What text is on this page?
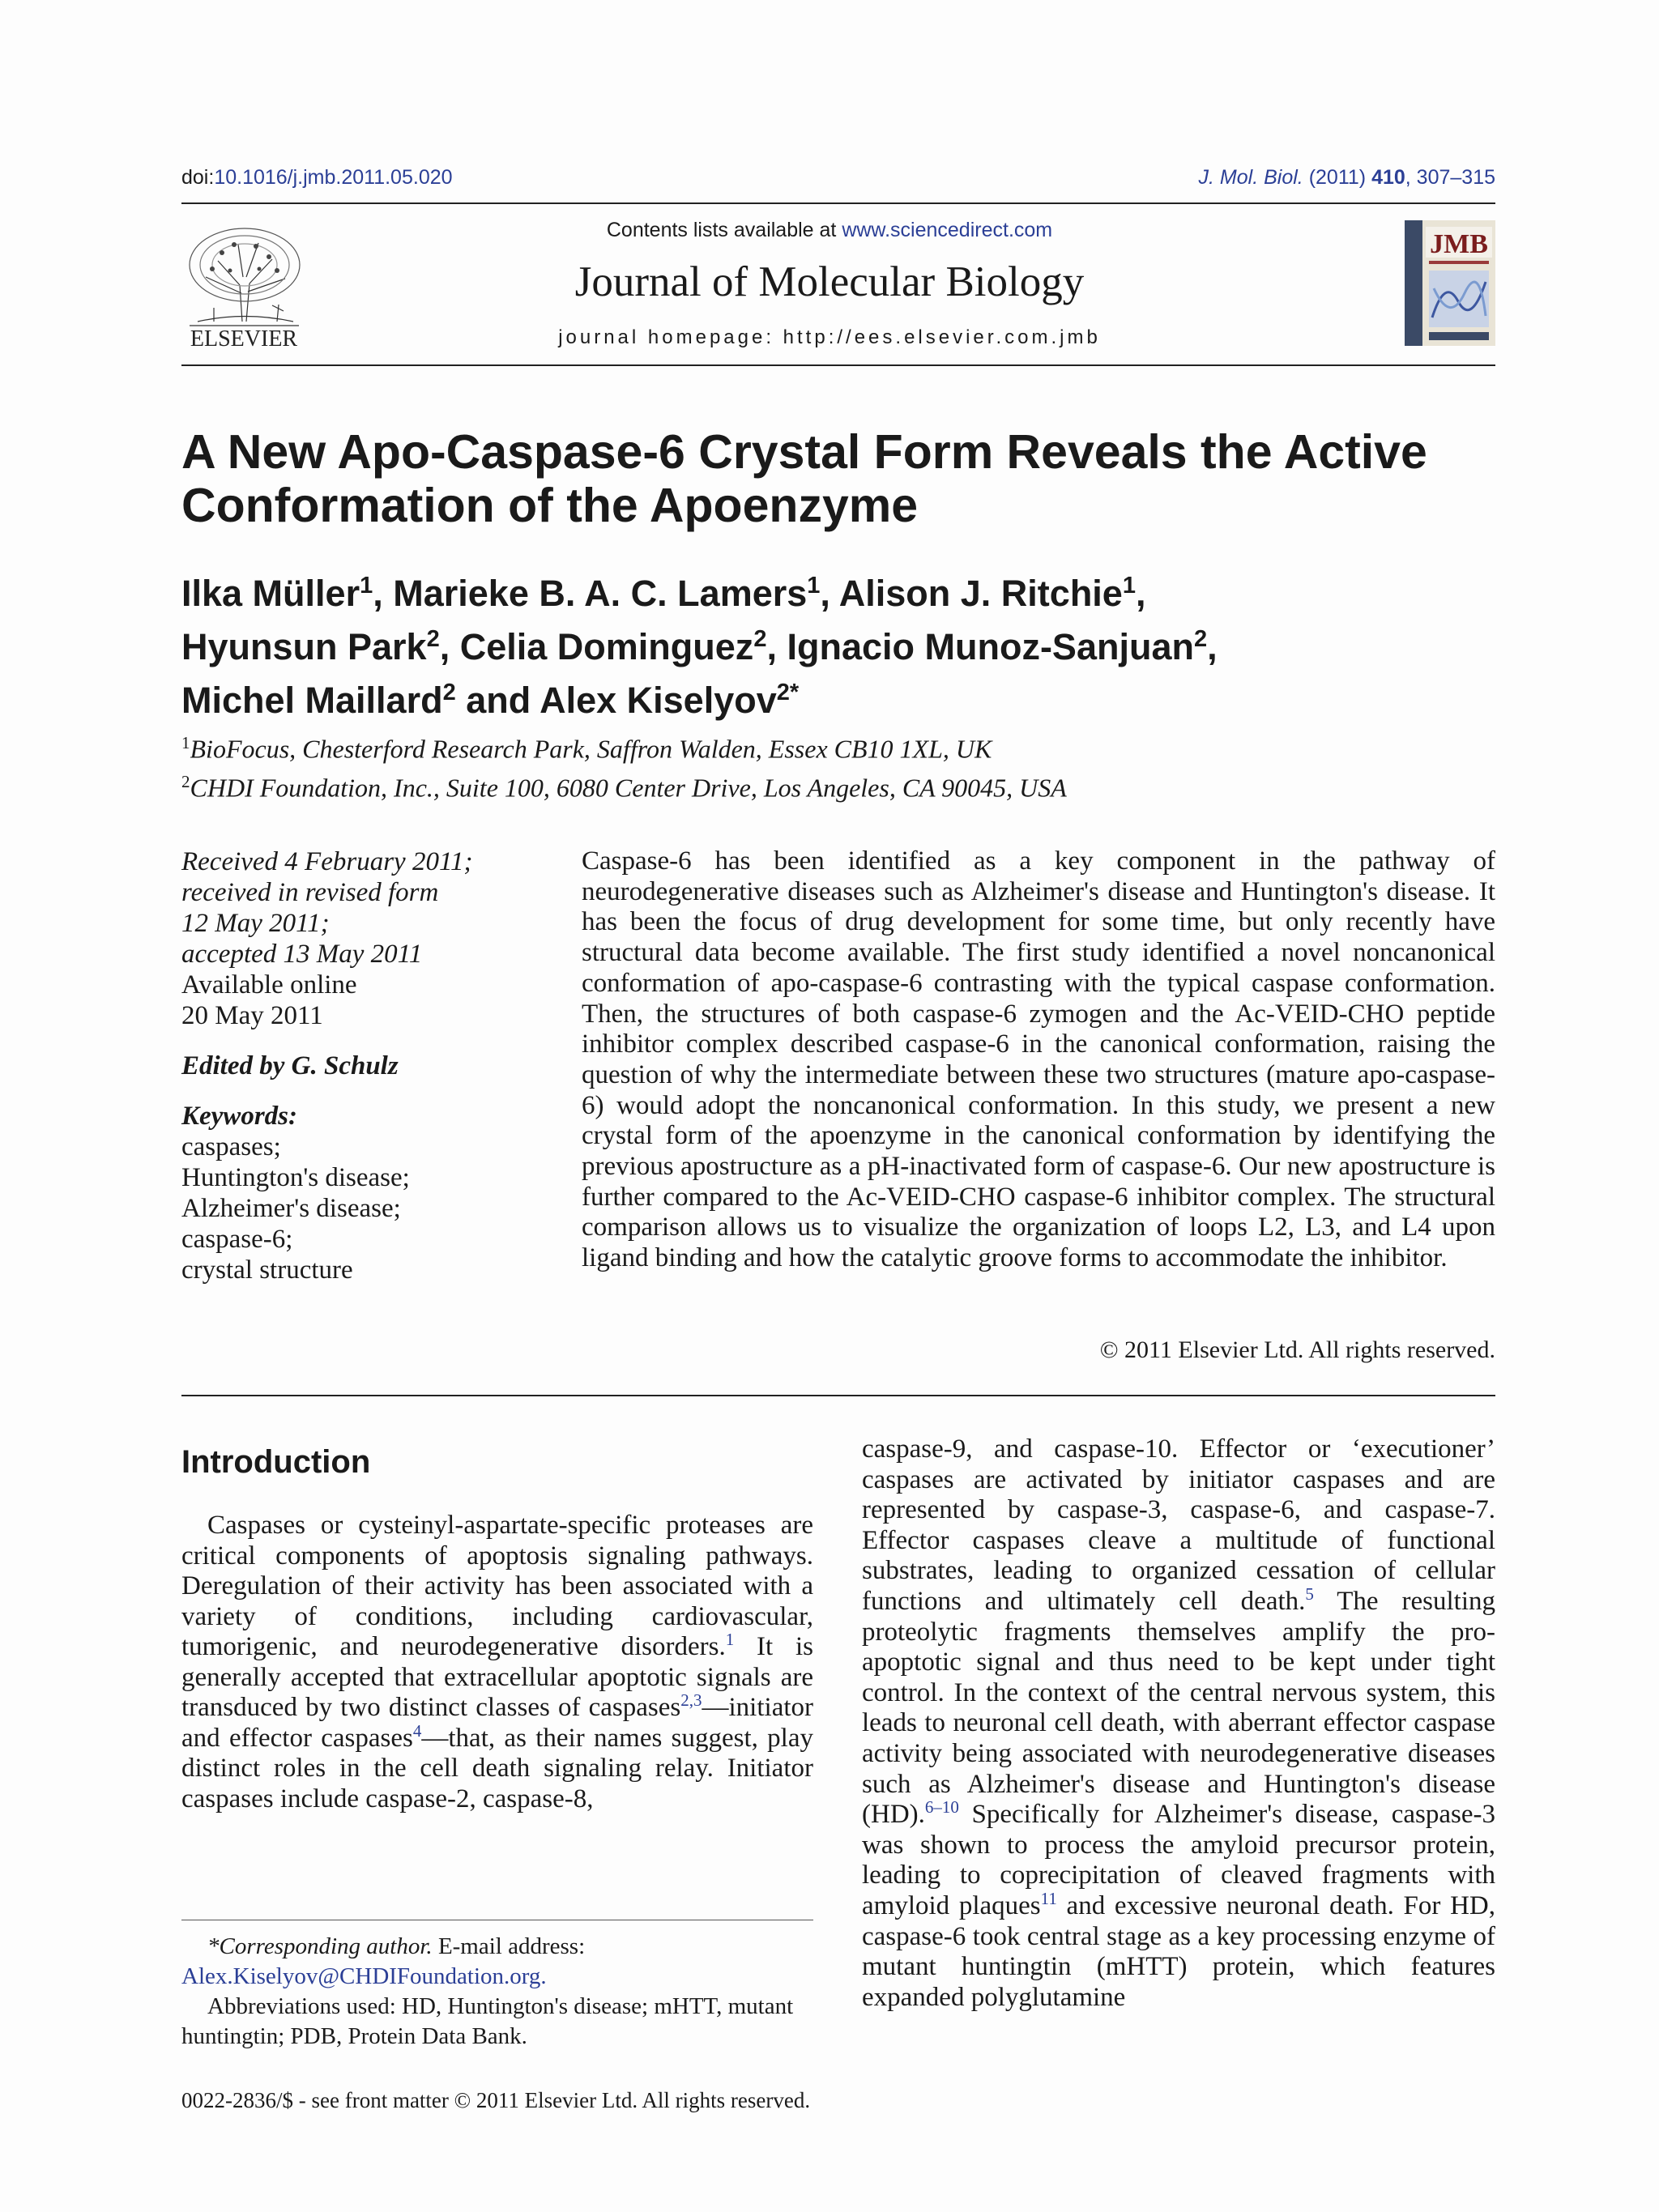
doi:10.1016/j.jmb.2011.05.020	J. Mol. Biol. (2011) 410, 307–315
ELSEVIER
Contents lists available at www.sciencedirect.com
Journal of Molecular Biology
journal homepage: http://ees.elsevier.com.jmb
JMB
A New Apo-Caspase-6 Crystal Form Reveals the Active
Conformation of the Apoenzyme
Ilka Müller$^1$, Marieke B. A. C. Lamers$^1$, Alison J. Ritchie$^1$,
Hyunsun Park$^2$, Celia Dominguez$^2$, Ignacio Munoz-Sanjuan$^2$,
Michel Maillard$^2$ and Alex Kiselyov$^{2*}$
$^1$BioFocus, Chesterford Research Park, Saffron Walden, Essex CB10 1XL, UK
$^2$CHDI Foundation, Inc., Suite 100, 6080 Center Drive, Los Angeles, CA 90045, USA
Received 4 February 2011;
received in revised form
12 May 2011;
accepted 13 May 2011
Available online
20 May 2011
Edited by G. Schulz
Keywords:
caspases;
Huntington's disease;
Alzheimer's disease;
caspase-6;
crystal structure
Caspase-6 has been identified as a key component in the pathway of neurodegenerative diseases such as Alzheimer's disease and Huntington's disease. It has been the focus of drug development for some time, but only recently have structural data become available. The first study identified a novel noncanonical conformation of apo-caspase-6 contrasting with the typical caspase conformation. Then, the structures of both caspase-6 zymogen and the Ac-VEID-CHO peptide inhibitor complex described caspase-6 in the canonical conformation, raising the question of why the intermediate between these two structures (mature apo-caspase-6) would adopt the noncanonical conformation. In this study, we present a new crystal form of the apoenzyme in the canonical conformation by identifying the previous apostructure as a pH-inactivated form of caspase-6. Our new apostructure is further compared to the Ac-VEID-CHO caspase-6 inhibitor complex. The structural comparison allows us to visualize the organization of loops L2, L3, and L4 upon ligand binding and how the catalytic groove forms to accommodate the inhibitor.
© 2011 Elsevier Ltd. All rights reserved.
Introduction
Caspases or cysteinyl-aspartate-specific proteases are critical components of apoptosis signaling pathways. Deregulation of their activity has been associated with a variety of conditions, including cardiovascular, tumorigenic, and neurodegenerative disorders.$^1$ It is generally accepted that extracellular apoptotic signals are transduced by two distinct classes of caspases$^{2,3}$—initiator and effector caspases$^4$—that, as their names suggest, play distinct roles in the cell death signaling relay. Initiator caspases include caspase-2, caspase-8,
caspase-9, and caspase-10. Effector or ‘executioner’ caspases are activated by initiator caspases and are represented by caspase-3, caspase-6, and caspase-7. Effector caspases cleave a multitude of functional substrates, leading to organized cessation of cellular functions and ultimately cell death.$^5$ The resulting proteolytic fragments themselves amplify the pro-apoptotic signal and thus need to be kept under tight control. In the context of the central nervous system, this leads to neuronal cell death, with aberrant effector caspase activity being associated with neurodegenerative diseases such as Alzheimer's disease and Huntington's disease (HD).$^{6-10}$ Specifically for Alzheimer's disease, caspase-3 was shown to process the amyloid precursor protein, leading to coprecipitation of cleaved fragments with amyloid plaques$^{11}$ and excessive neuronal death. For HD, caspase-6 took central stage as a key processing enzyme of mutant huntingtin (mHTT) protein, which features expanded polyglutamine
*Corresponding author. E-mail address:
Alex.Kiselyov@CHDIFoundation.org.
Abbreviations used: HD, Huntington's disease; mHTT, mutant huntingtin; PDB, Protein Data Bank.
0022-2836/$ - see front matter © 2011 Elsevier Ltd. All rights reserved.
